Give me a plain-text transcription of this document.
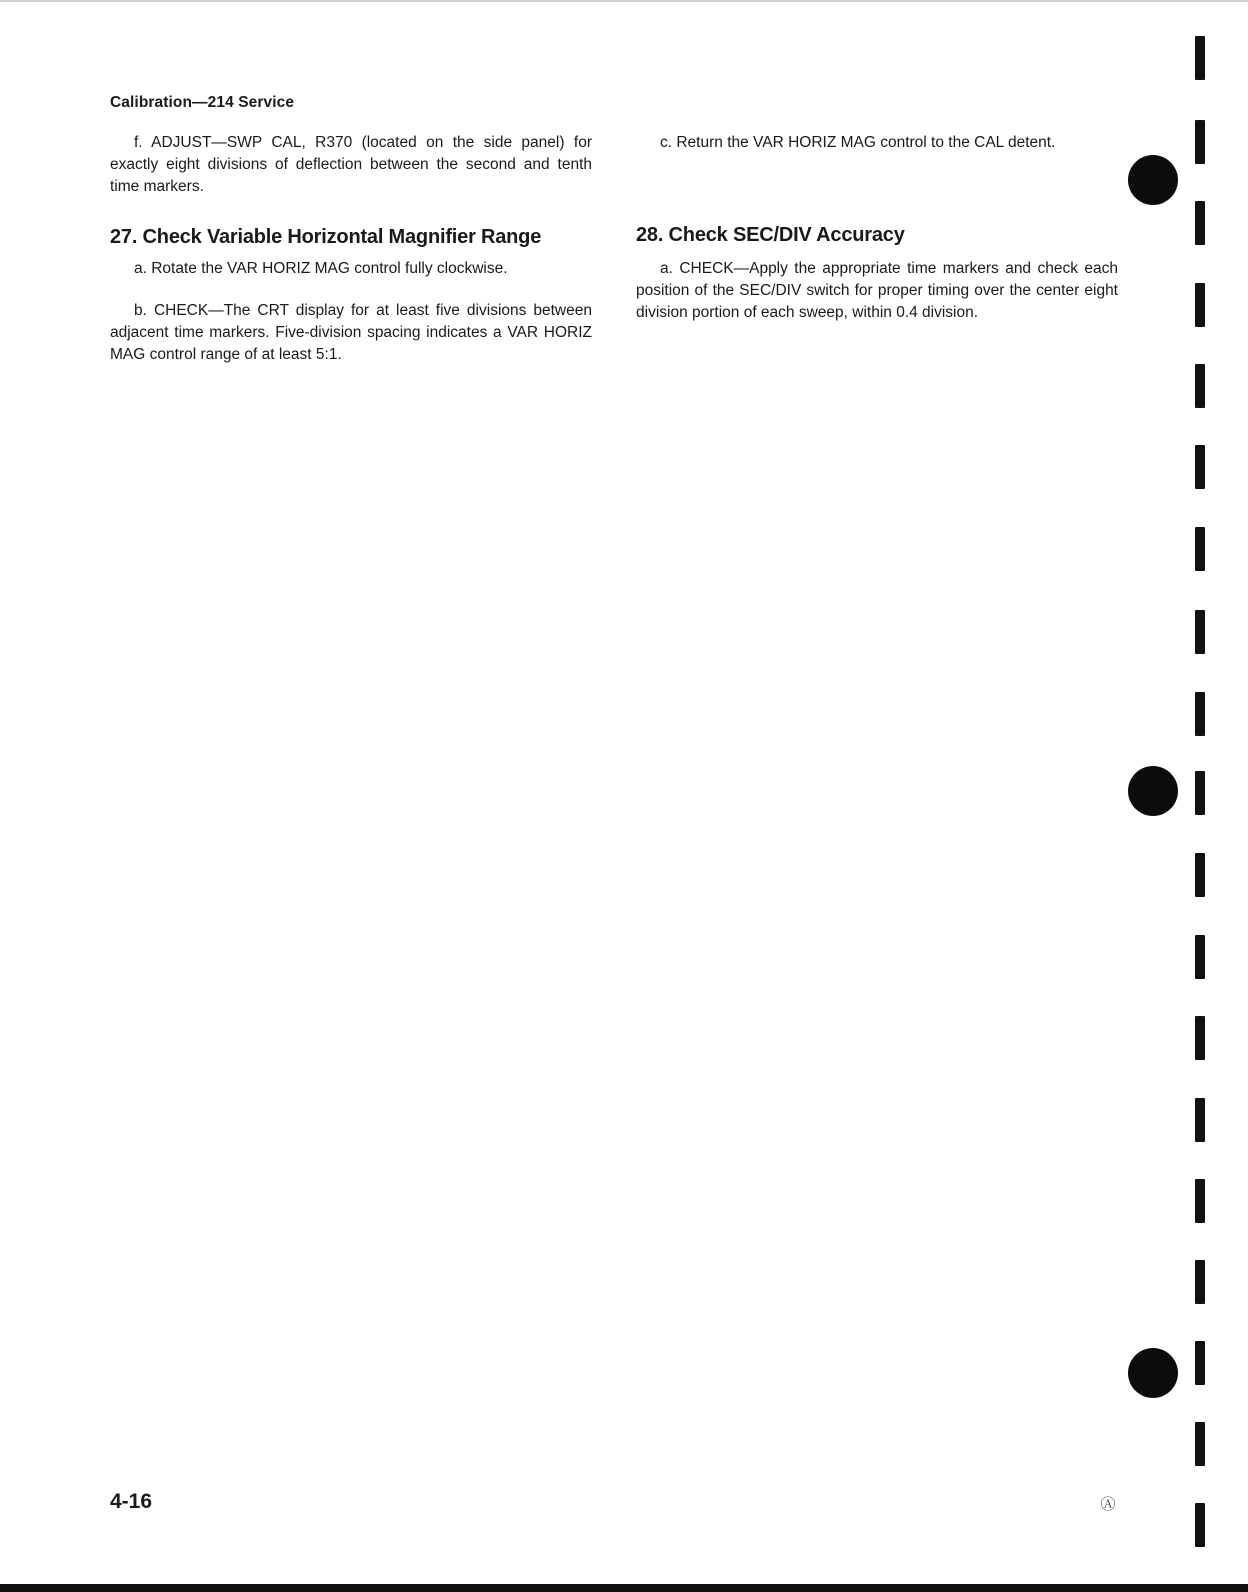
Calibration—214 Service

f. ADJUST—SWP CAL, R370 (located on the side panel) for exactly eight divisions of deflection between the second and tenth time markers.

27. Check Variable Horizontal Magnifier Range

a. Rotate the VAR HORIZ MAG control fully clockwise.

b. CHECK—The CRT display for at least five divisions between adjacent time markers. Five-division spacing indicates a VAR HORIZ MAG control range of at least 5:1.

c. Return the VAR HORIZ MAG control to the CAL detent.

28. Check SEC/DIV Accuracy

a. CHECK—Apply the appropriate time markers and check each position of the SEC/DIV switch for proper timing over the center eight division portion of each sweep, within 0.4 division.

4-16	Ⓐ
